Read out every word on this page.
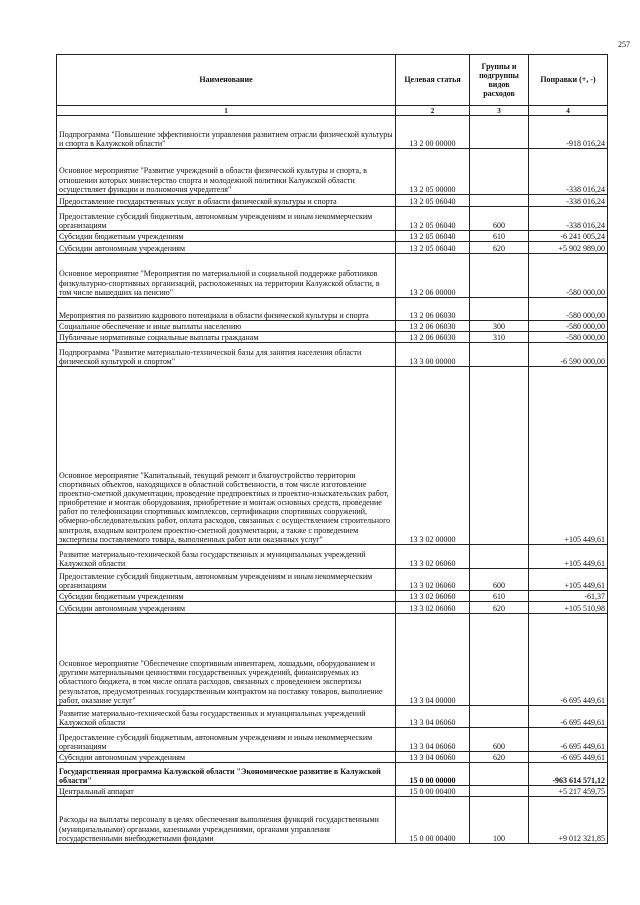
257
Наименование	Целевая статья	Группы и подгруппы видов расходов	Поправки (+, -)
1	2	3	4
Подпрограмма "Повышение эффективности управления развитием отрасли физической культуры и спорта в Калужской области"	13 2 00 00000		-918 016,24
Основное мероприятие "Развитие учреждений в области физической культуры и спорта, в отношении которых министерство спорта и молодежной политики Калужской области осуществляет функции и полномочия учредителя"	13 2 05 00000		-338 016,24
Предоставление государственных услуг в области физической культуры и спорта	13 2 05 06040		-338 016,24
Предоставление субсидий бюджетным, автономным учреждениям и иным некоммерческим организациям	13 2 05 06040	600	-338 016,24
Субсидии бюджетным учреждениям	13 2 05 06040	610	-6 241 005,24
Субсидии автономным учреждениям	13 2 05 06040	620	+5 902 989,00
Основное мероприятие "Мероприятия по материальной и социальной поддержке работников физкультурно-спортивных организаций, расположенных на территории Калужской области, в том числе вышедших на пенсию"	13 2 06 00000		-580 000,00
Мероприятия по развитию кадрового потенциала в области физической культуры и спорта	13 2 06 06030		-580 000,00
Социальное обеспечение и иные выплаты населению	13 2 06 06030	300	-580 000,00
Публичные нормативные социальные выплаты гражданам	13 2 06 06030	310	-580 000,00
Подпрограмма "Развитие материально-технической базы для занятия населения области физической культурой и спортом"	13 3 00 00000		-6 590 000,00
Основное мероприятие "Капитальный, текущий ремонт и благоустройство территории спортивных объектов, находящихся в областной собственности, в том числе изготовление проектно-сметной документации, проведение предпроектных и проектно-изыскательских работ, приобретение и монтаж оборудования, приобретение и монтаж основных средств, проведение работ по телефонизации спортивных комплексов, сертификации спортивных сооружений, обмерно-обследовательских работ, оплата расходов, связанных с осуществлением строительного контроля, входным контролем проектно-сметной документации, а также с проведением экспертизы поставляемого товара, выполненных работ или оказанных услуг"	13 3 02 00000		+105 449,61
Развитие материально-технической базы государственных и муниципальных учреждений Калужской области	13 3 02 06060		+105 449,61
Предоставление субсидий бюджетным, автономным учреждениям и иным некоммерческим организациям	13 3 02 06060	600	+105 449,61
Субсидии бюджетным учреждениям	13 3 02 06060	610	-61,37
Субсидии автономным учреждениям	13 3 02 06060	620	+105 510,98
Основное мероприятие "Обеспечение спортивным инвентарем, лошадьми, оборудованием и другими материальными ценностями государственных учреждений, финансируемых из областного бюджета, в том числе оплата расходов, связанных с проведением экспертизы результатов, предусмотренных государственным контрактом на поставку товаров, выполнение работ, оказание услуг"	13 3 04 00000		-6 695 449,61
Развитие материально-технической базы государственных и муниципальных учреждений Калужской области	13 3 04 06060		-6 695 449,61
Предоставление субсидий бюджетным, автономным учреждениям и иным некоммерческим организациям	13 3 04 06060	600	-6 695 449,61
Субсидии автономным учреждениям	13 3 04 06060	620	-6 695 449,61
Государственная программа Калужской области "Экономическое развитие в Калужской области"	15 0 00 00000		-963 614 571,12
Центральный аппарат	15 0 00 00400		+5 217 459,75
Расходы на выплаты персоналу в целях обеспечения выполнения функций государственными (муниципальными) органами, казенными учреждениями, органами управления государственными внебюджетными фондами	15 0 00 00400	100	+9 012 321,85
